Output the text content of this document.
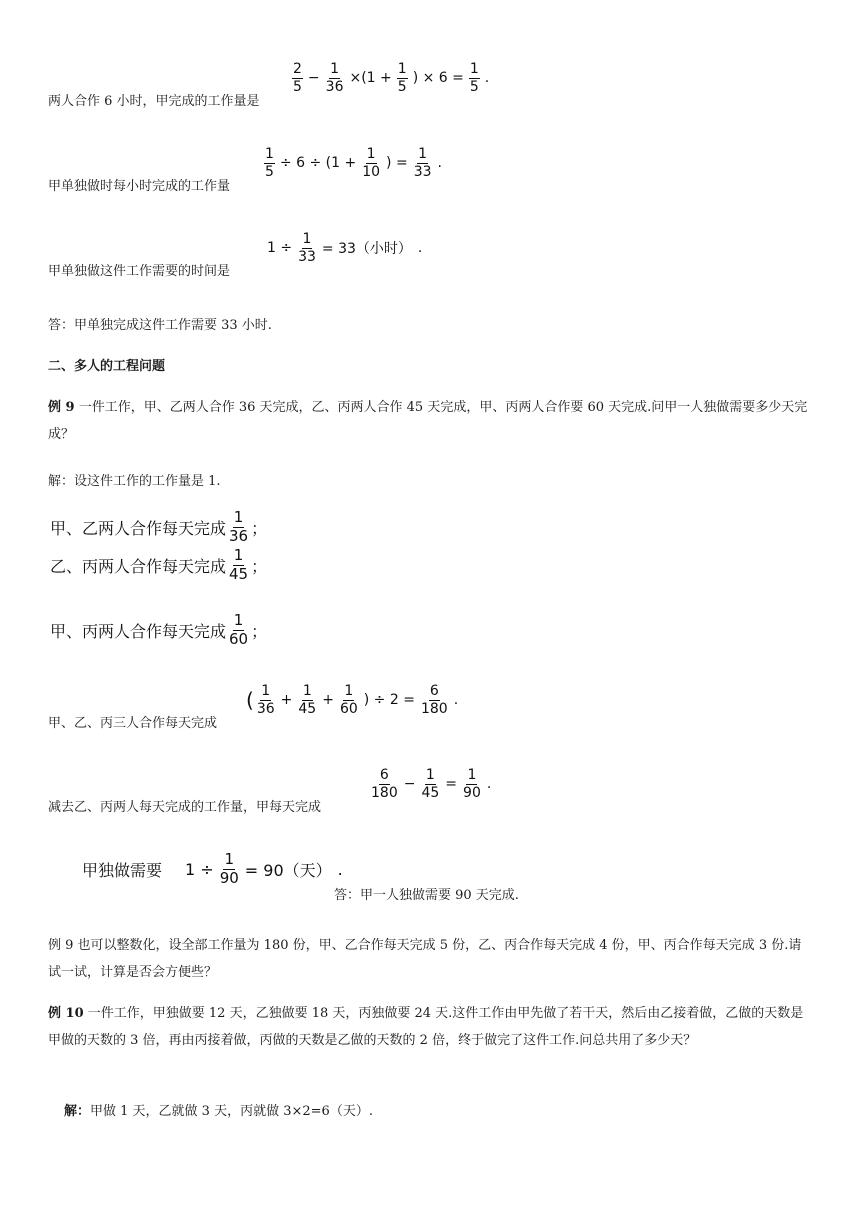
两人合作 6 小时，甲完成的工作量是
$\frac{2}{5} - \frac{1}{36} \times(1 + \frac{1}{5}$ ) × $6 = \frac{1}{5}$ .
甲单独做时每小时完成的工作量
$\frac{1}{5} \div 6 \div (1 + \frac{1}{10}$ ) = $\frac{1}{33}$ .
甲单独做这件工作需要的时间是
$1 \div \frac{1}{33} = 33$（小时） .
答：甲单独完成这件工作需要 33 小时.
二、多人的工程问题
例 9 一件工作，甲、乙两人合作 36 天完成，乙、丙两人合作 45 天完成，甲、丙两人合作要 60 天完成.问甲一人独做需要多少天完成？
解：设这件工作的工作量是 1.
甲、乙两人合作每天完成 $\frac{1}{36}$ ；
乙、丙两人合作每天完成 $\frac{1}{45}$ ；
甲、丙两人合作每天完成 $\frac{1}{60}$ ；
甲、乙、丙三人合作每天完成
( $\frac{1}{36} + \frac{1}{45} + \frac{1}{60}$ ) ÷ $2 = \frac{6}{180}$ .
减去乙、丙两人每天完成的工作量，甲每天完成
$\frac{6}{180} - \frac{1}{45} = \frac{1}{90}$ .
甲独做需要 $1 \div \frac{1}{90} = 90$（天） .
答：甲一人独做需要 90 天完成.
例 9 也可以整数化，设全部工作量为 180 份，甲、乙合作每天完成 5 份，乙、丙合作每天完成 4 份，甲、丙合作每天完成 3 份.请试一试，计算是否会方便些？
例 10 一件工作，甲独做要 12 天，乙独做要 18 天，丙独做要 24 天.这件工作由甲先做了若干天，然后由乙接着做，乙做的天数是甲做的天数的 3 倍，再由丙接着做，丙做的天数是乙做的天数的 2 倍，终于做完了这件工作.问总共用了多少天？
解：甲做 1 天，乙就做 3 天，丙就做 3×2=6（天）.
